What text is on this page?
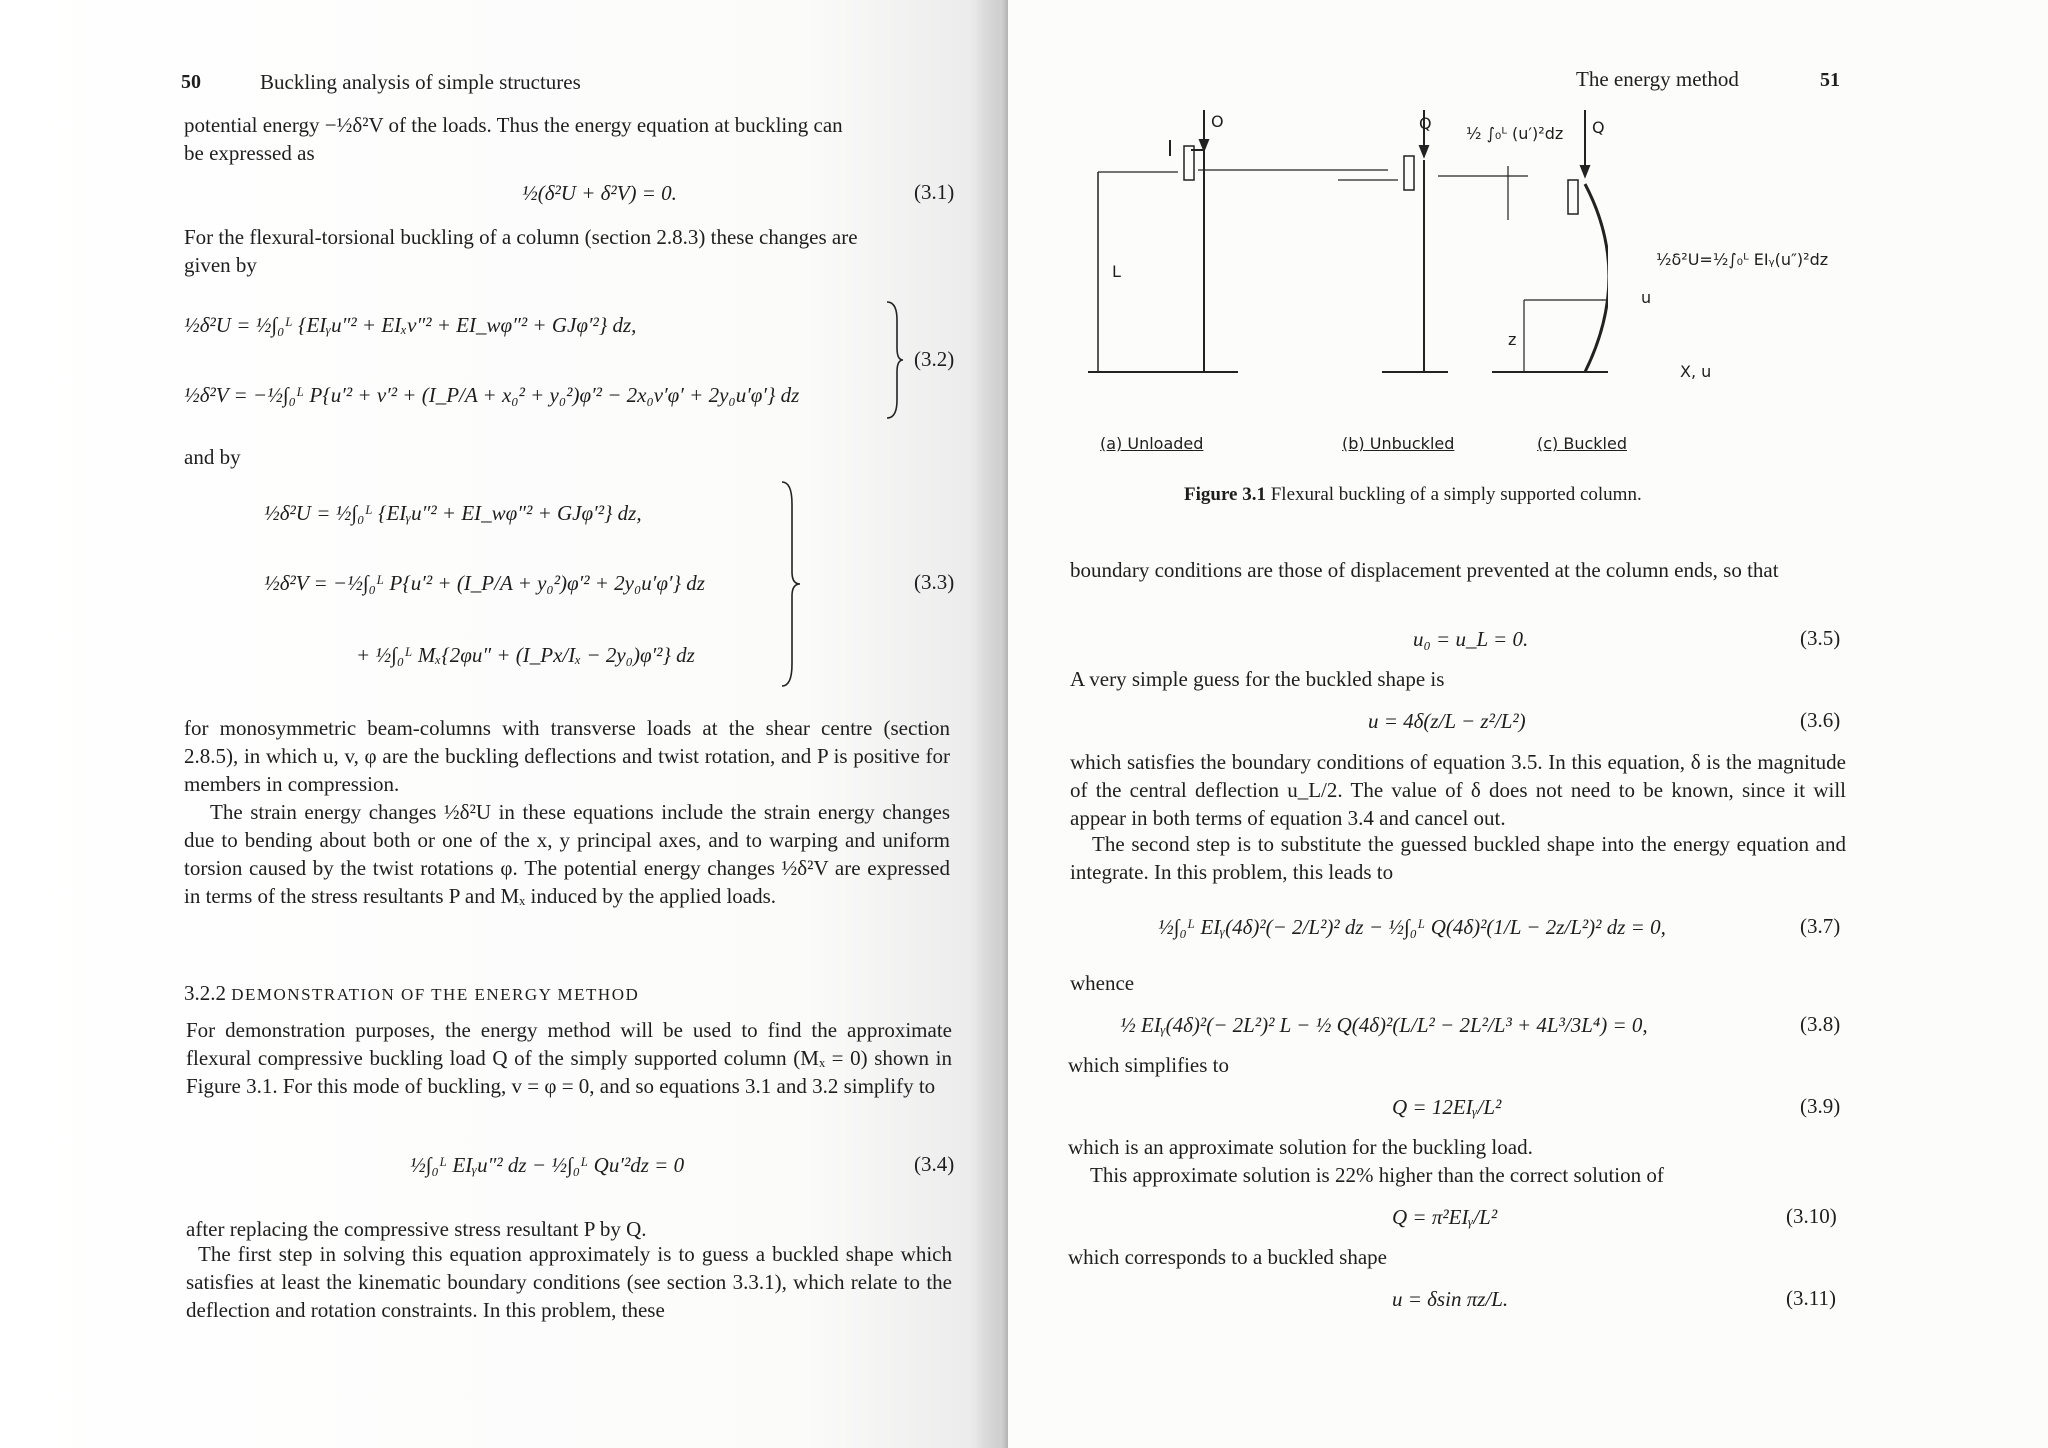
50	Buckling analysis of simple structures
potential energy −½δ²V of the loads. Thus the energy equation at buckling can
be expressed as
½(δ²U + δ²V) = 0.	(3.1)
For the flexural-torsional buckling of a column (section 2.8.3) these changes are
given by
½δ²U = ½∫₀ᴸ {EIᵧu″² + EIₓv″² + EI_wφ″² + GJφ′²} dz,
½δ²V = −½∫₀ᴸ P{u′² + v′² + (I_P/A + x₀² + y₀²)φ′² − 2x₀v′φ′ + 2y₀u′φ′} dz
(3.2)
and by
½δ²U = ½∫₀ᴸ {EIᵧu″² + EI_wφ″² + GJφ′²} dz,
½δ²V = −½∫₀ᴸ P{u′² + (I_P/A + y₀²)φ′² + 2y₀u′φ′} dz
+ ½∫₀ᴸ Mₓ{2φu″ + (I_Px/Iₓ − 2y₀)φ′²} dz
(3.3)
for monosymmetric beam-columns with transverse loads at the shear centre (section 2.8.5), in which u, v, φ are the buckling deflections and twist rotation, and P is positive for members in compression.
The strain energy changes ½δ²U in these equations include the strain energy changes due to bending about both or one of the x, y principal axes, and to warping and uniform torsion caused by the twist rotations φ. The potential energy changes ½δ²V are expressed in terms of the stress resultants P and Mₓ induced by the applied loads.
3.2.2 DEMONSTRATION OF THE ENERGY METHOD
For demonstration purposes, the energy method will be used to find the approximate flexural compressive buckling load Q of the simply supported column (Mₓ = 0) shown in Figure 3.1. For this mode of buckling, v = φ = 0, and so equations 3.1 and 3.2 simplify to
½∫₀ᴸ EIᵧu″² dz − ½∫₀ᴸ Qu′²dz = 0	(3.4)
after replacing the compressive stress resultant P by Q.
The first step in solving this equation approximately is to guess a buckled shape which satisfies at least the kinematic boundary conditions (see section 3.3.1), which relate to the deflection and rotation constraints. In this problem, these
The energy method	51
O	Q	Q
L
z
u
X, u
½ ∫₀ᴸ (u′)²dz
½δ²U=½∫₀ᴸ EIᵧ(u″)²dz
(a) Unloaded	(b) Unbuckled	(c) Buckled
Figure 3.1 Flexural buckling of a simply supported column.
boundary conditions are those of displacement prevented at the column ends, so that
u₀ = u_L = 0.	(3.5)
A very simple guess for the buckled shape is
u = 4δ(z/L − z²/L²)	(3.6)
which satisfies the boundary conditions of equation 3.5. In this equation, δ is the magnitude of the central deflection u_L/2. The value of δ does not need to be known, since it will appear in both terms of equation 3.4 and cancel out.
The second step is to substitute the guessed buckled shape into the energy equation and integrate. In this problem, this leads to
½∫₀ᴸ EIᵧ(4δ)²(− 2/L²)² dz − ½∫₀ᴸ Q(4δ)²(1/L − 2z/L²)² dz = 0,	(3.7)
whence
½ EIᵧ(4δ)²(− 2L²)² L − ½ Q(4δ)²(L/L² − 2L²/L³ + 4L³/3L⁴) = 0,	(3.8)
which simplifies to
Q = 12EIᵧ/L²	(3.9)
which is an approximate solution for the buckling load.
This approximate solution is 22% higher than the correct solution of
Q = π²EIᵧ/L²	(3.10)
which corresponds to a buckled shape
u = δsin πz/L.	(3.11)
